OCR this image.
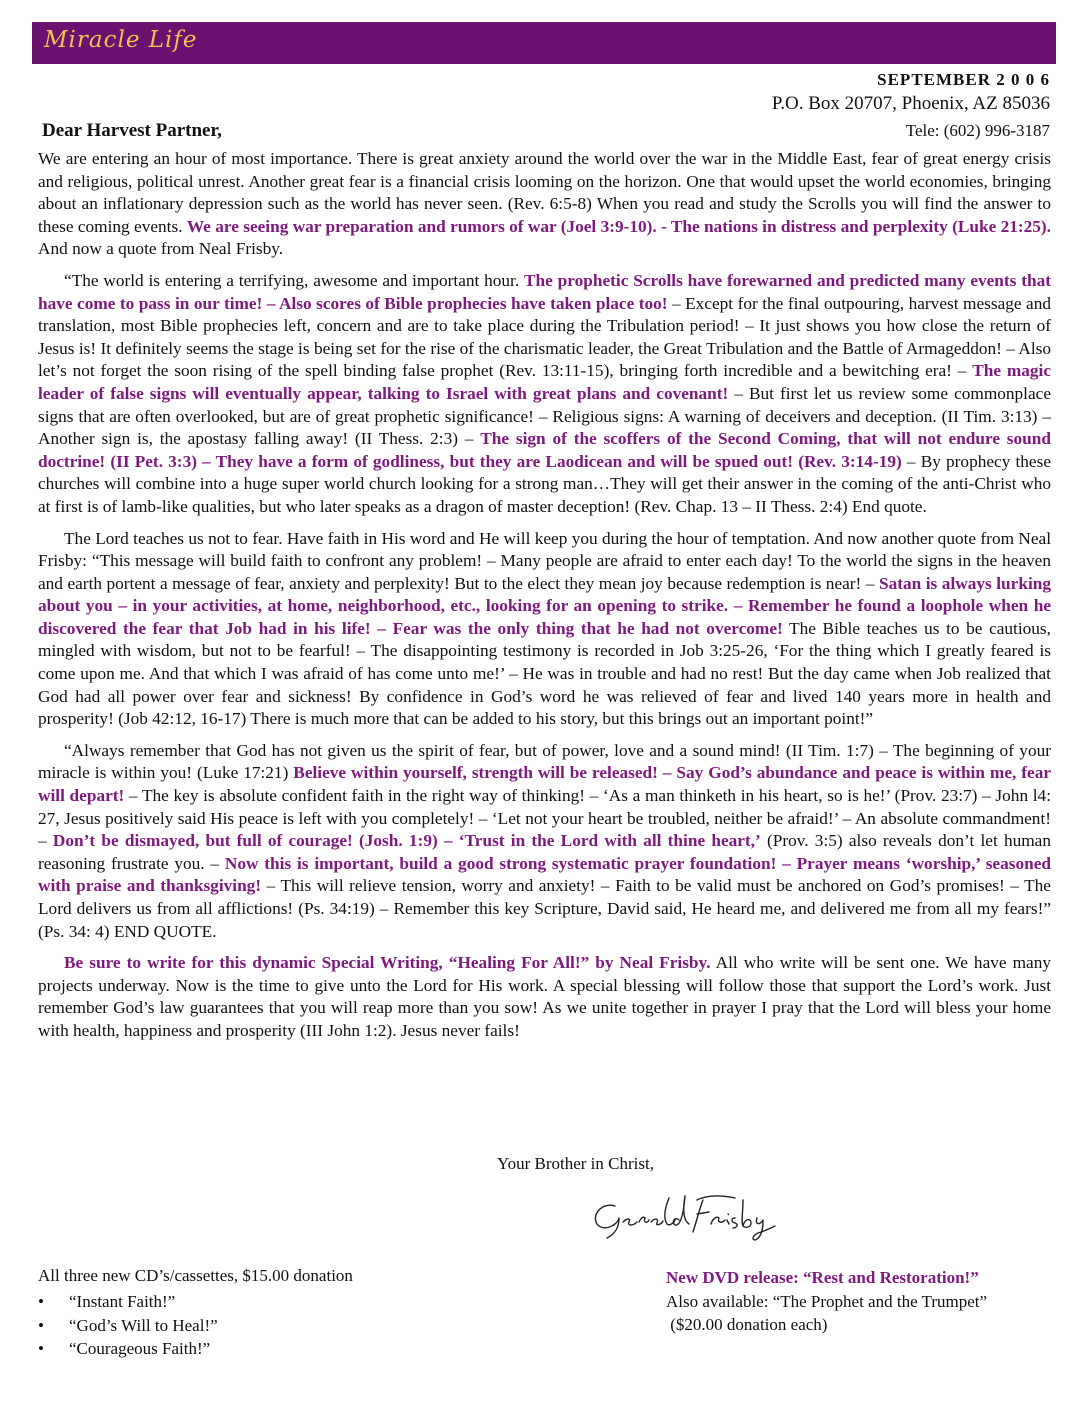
Miracle Life
SEPTEMBER 2 0 0 6
P.O. Box 20707, Phoenix, AZ 85036
Dear Harvest Partner,	Tele: (602) 996-3187

We are entering an hour of most importance. There is great anxiety around the world over the war in the Middle East, fear of great energy crisis and religious, political unrest. Another great fear is a financial crisis looming on the horizon. One that would upset the world economies, bringing about an inflationary depression such as the world has never seen. (Rev. 6:5-8) When you read and study the Scrolls you will find the answer to these coming events. We are seeing war preparation and rumors of war (Joel 3:9-10). - The nations in distress and perplexity (Luke 21:25). And now a quote from Neal Frisby.

“The world is entering a terrifying, awesome and important hour. The prophetic Scrolls have forewarned and predicted many events that have come to pass in our time! – Also scores of Bible prophecies have taken place too! – Except for the final outpouring, harvest message and translation, most Bible prophecies left, concern and are to take place during the Tribulation period! – It just shows you how close the return of Jesus is! It definitely seems the stage is being set for the rise of the charismatic leader, the Great Tribulation and the Battle of Armageddon! – Also let’s not forget the soon rising of the spell binding false prophet (Rev. 13:11-15), bringing forth incredible and a bewitching era! – The magic leader of false signs will eventually appear, talking to Israel with great plans and covenant! – But first let us review some commonplace signs that are often overlooked, but are of great prophetic significance! – Religious signs: A warning of deceivers and deception. (II Tim. 3:13) – Another sign is, the apostasy falling away! (II Thess. 2:3) – The sign of the scoffers of the Second Coming, that will not endure sound doctrine! (II Pet. 3:3) – They have a form of godliness, but they are Laodicean and will be spued out! (Rev. 3:14-19) – By prophecy these churches will combine into a huge super world church looking for a strong man…They will get their answer in the coming of the anti-Christ who at first is of lamb-like qualities, but who later speaks as a dragon of master deception! (Rev. Chap. 13 – II Thess. 2:4) End quote.

The Lord teaches us not to fear. Have faith in His word and He will keep you during the hour of temptation. And now another quote from Neal Frisby: “This message will build faith to confront any problem! – Many people are afraid to enter each day! To the world the signs in the heaven and earth portent a message of fear, anxiety and perplexity! But to the elect they mean joy because redemption is near! – Satan is always lurking about you – in your activities, at home, neighborhood, etc., looking for an opening to strike. – Remember he found a loophole when he discovered the fear that Job had in his life! – Fear was the only thing that he had not overcome! The Bible teaches us to be cautious, mingled with wisdom, but not to be fearful! – The disappointing testimony is recorded in Job 3:25-26, ‘For the thing which I greatly feared is come upon me. And that which I was afraid of has come unto me!’ – He was in trouble and had no rest! But the day came when Job realized that God had all power over fear and sickness! By confidence in God’s word he was relieved of fear and lived 140 years more in health and prosperity! (Job 42:12, 16-17) There is much more that can be added to his story, but this brings out an important point!”

“Always remember that God has not given us the spirit of fear, but of power, love and a sound mind! (II Tim. 1:7) – The beginning of your miracle is within you! (Luke 17:21) Believe within yourself, strength will be released! – Say God’s abundance and peace is within me, fear will depart! – The key is absolute confident faith in the right way of thinking! – ‘As a man thinketh in his heart, so is he!’ (Prov. 23:7) – John l4: 27, Jesus positively said His peace is left with you completely! – ‘Let not your heart be troubled, neither be afraid!’ – An absolute commandment! – Don’t be dismayed, but full of courage! (Josh. 1:9) – ‘Trust in the Lord with all thine heart,’ (Prov. 3:5) also reveals don’t let human reasoning frustrate you. – Now this is important, build a good strong systematic prayer foundation! – Prayer means ‘worship,’ seasoned with praise and thanksgiving! – This will relieve tension, worry and anxiety! – Faith to be valid must be anchored on God’s promises! – The Lord delivers us from all afflictions! (Ps. 34:19) – Remember this key Scripture, David said, He heard me, and delivered me from all my fears!” (Ps. 34: 4) END QUOTE.

Be sure to write for this dynamic Special Writing, “Healing For All!” by Neal Frisby. All who write will be sent one. We have many projects underway. Now is the time to give unto the Lord for His work. A special blessing will follow those that support the Lord’s work. Just remember God’s law guarantees that you will reap more than you sow! As we unite together in prayer I pray that the Lord will bless your home with health, happiness and prosperity (III John 1:2). Jesus never fails!

Your Brother in Christ,
All three new CD’s/cassettes, $15.00 donation
• “Instant Faith!”
• “God’s Will to Heal!”
• “Courageous Faith!”
New DVD release: “Rest and Restoration!”
Also available: “The Prophet and the Trumpet”
($20.00 donation each)
